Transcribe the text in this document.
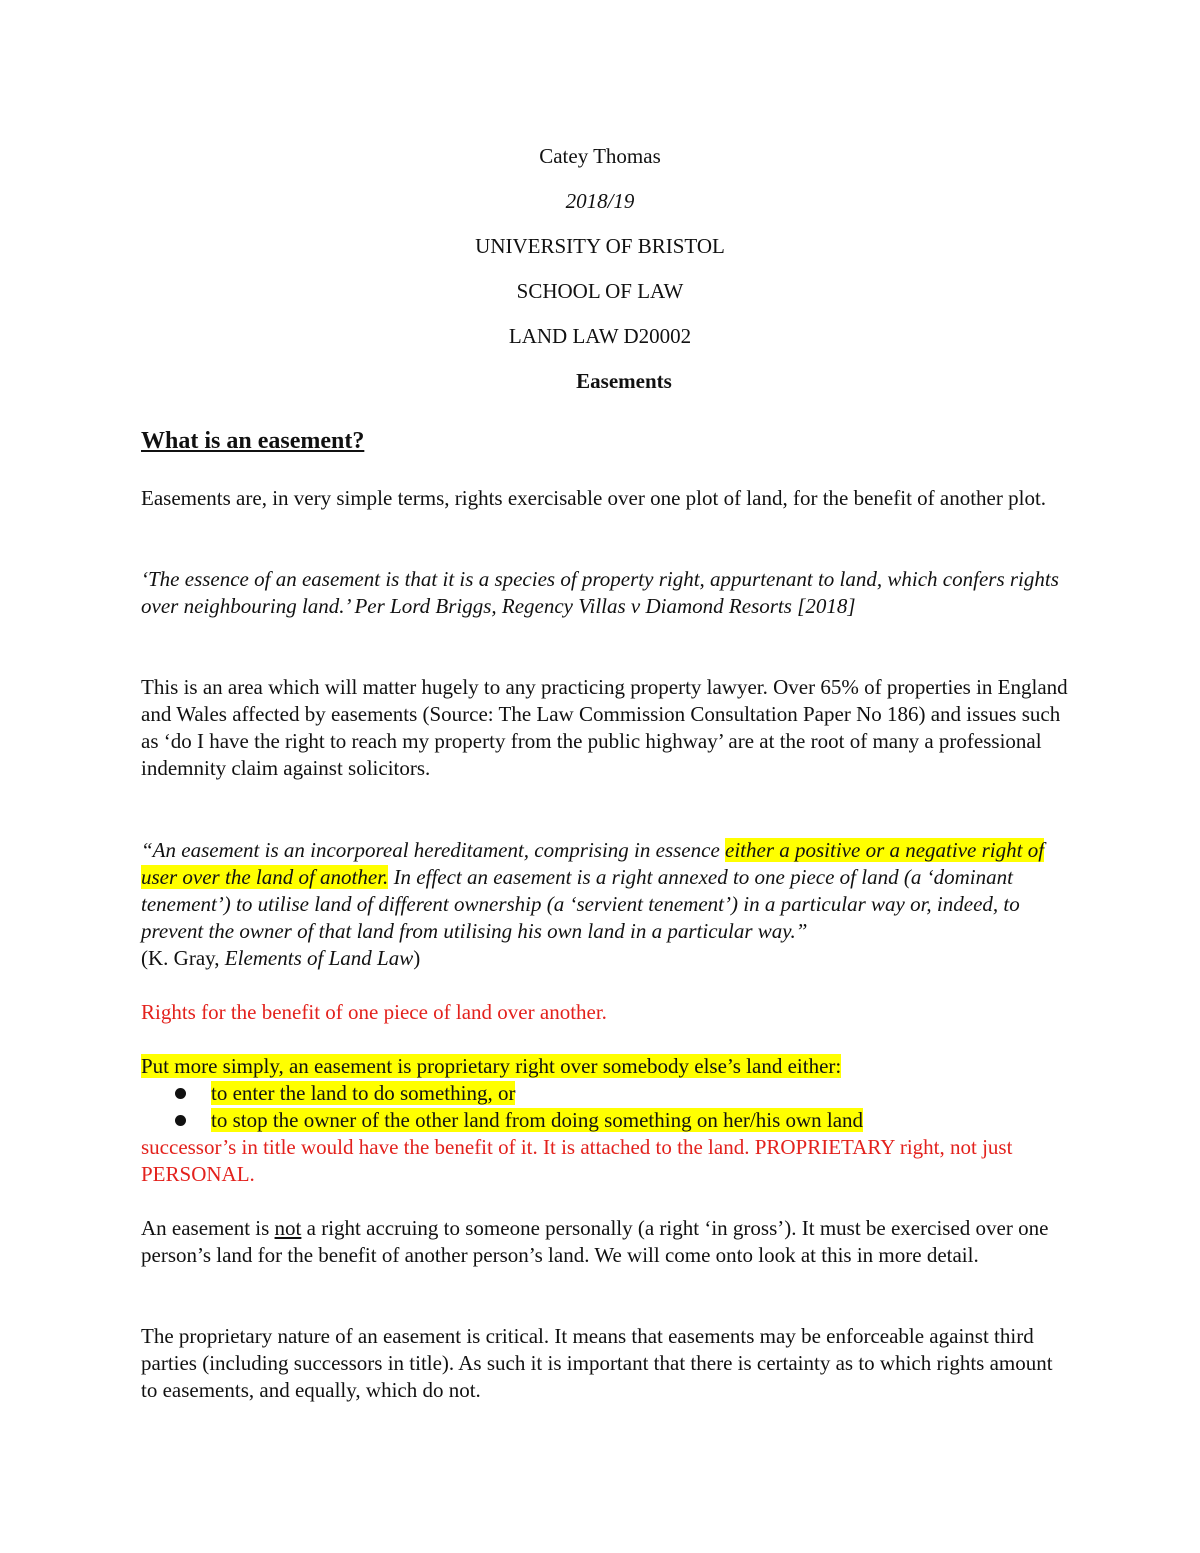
Catey Thomas
2018/19
UNIVERSITY OF BRISTOL
SCHOOL OF LAW
LAND LAW D20002
Easements
What is an easement?

Easements are, in very simple terms, rights exercisable over one plot of land, for the benefit of another plot.

‘The essence of an easement is that it is a species of property right, appurtenant to land, which confers rights over neighbouring land.’ Per Lord Briggs, Regency Villas v Diamond Resorts [2018]

This is an area which will matter hugely to any practicing property lawyer. Over 65% of properties in England and Wales affected by easements (Source: The Law Commission Consultation Paper No 186) and issues such as ‘do I have the right to reach my property from the public highway’ are at the root of many a professional indemnity claim against solicitors.

“An easement is an incorporeal hereditament, comprising in essence either a positive or a negative right of user over the land of another. In effect an easement is a right annexed to one piece of land (a ‘dominant tenement’) to utilise land of different ownership (a ‘servient tenement’) in a particular way or, indeed, to prevent the owner of that land from utilising his own land in a particular way.”
(K. Gray, Elements of Land Law)

Rights for the benefit of one piece of land over another.

Put more simply, an easement is proprietary right over somebody else’s land either:
to enter the land to do something, or
to stop the owner of the other land from doing something on her/his own land

successor’s in title would have the benefit of it. It is attached to the land. PROPRIETARY right, not just PERSONAL.

An easement is not a right accruing to someone personally (a right ‘in gross’). It must be exercised over one person’s land for the benefit of another person’s land. We will come onto look at this in more detail.

The proprietary nature of an easement is critical. It means that easements may be enforceable against third parties (including successors in title). As such it is important that there is certainty as to which rights amount to easements, and equally, which do not.
